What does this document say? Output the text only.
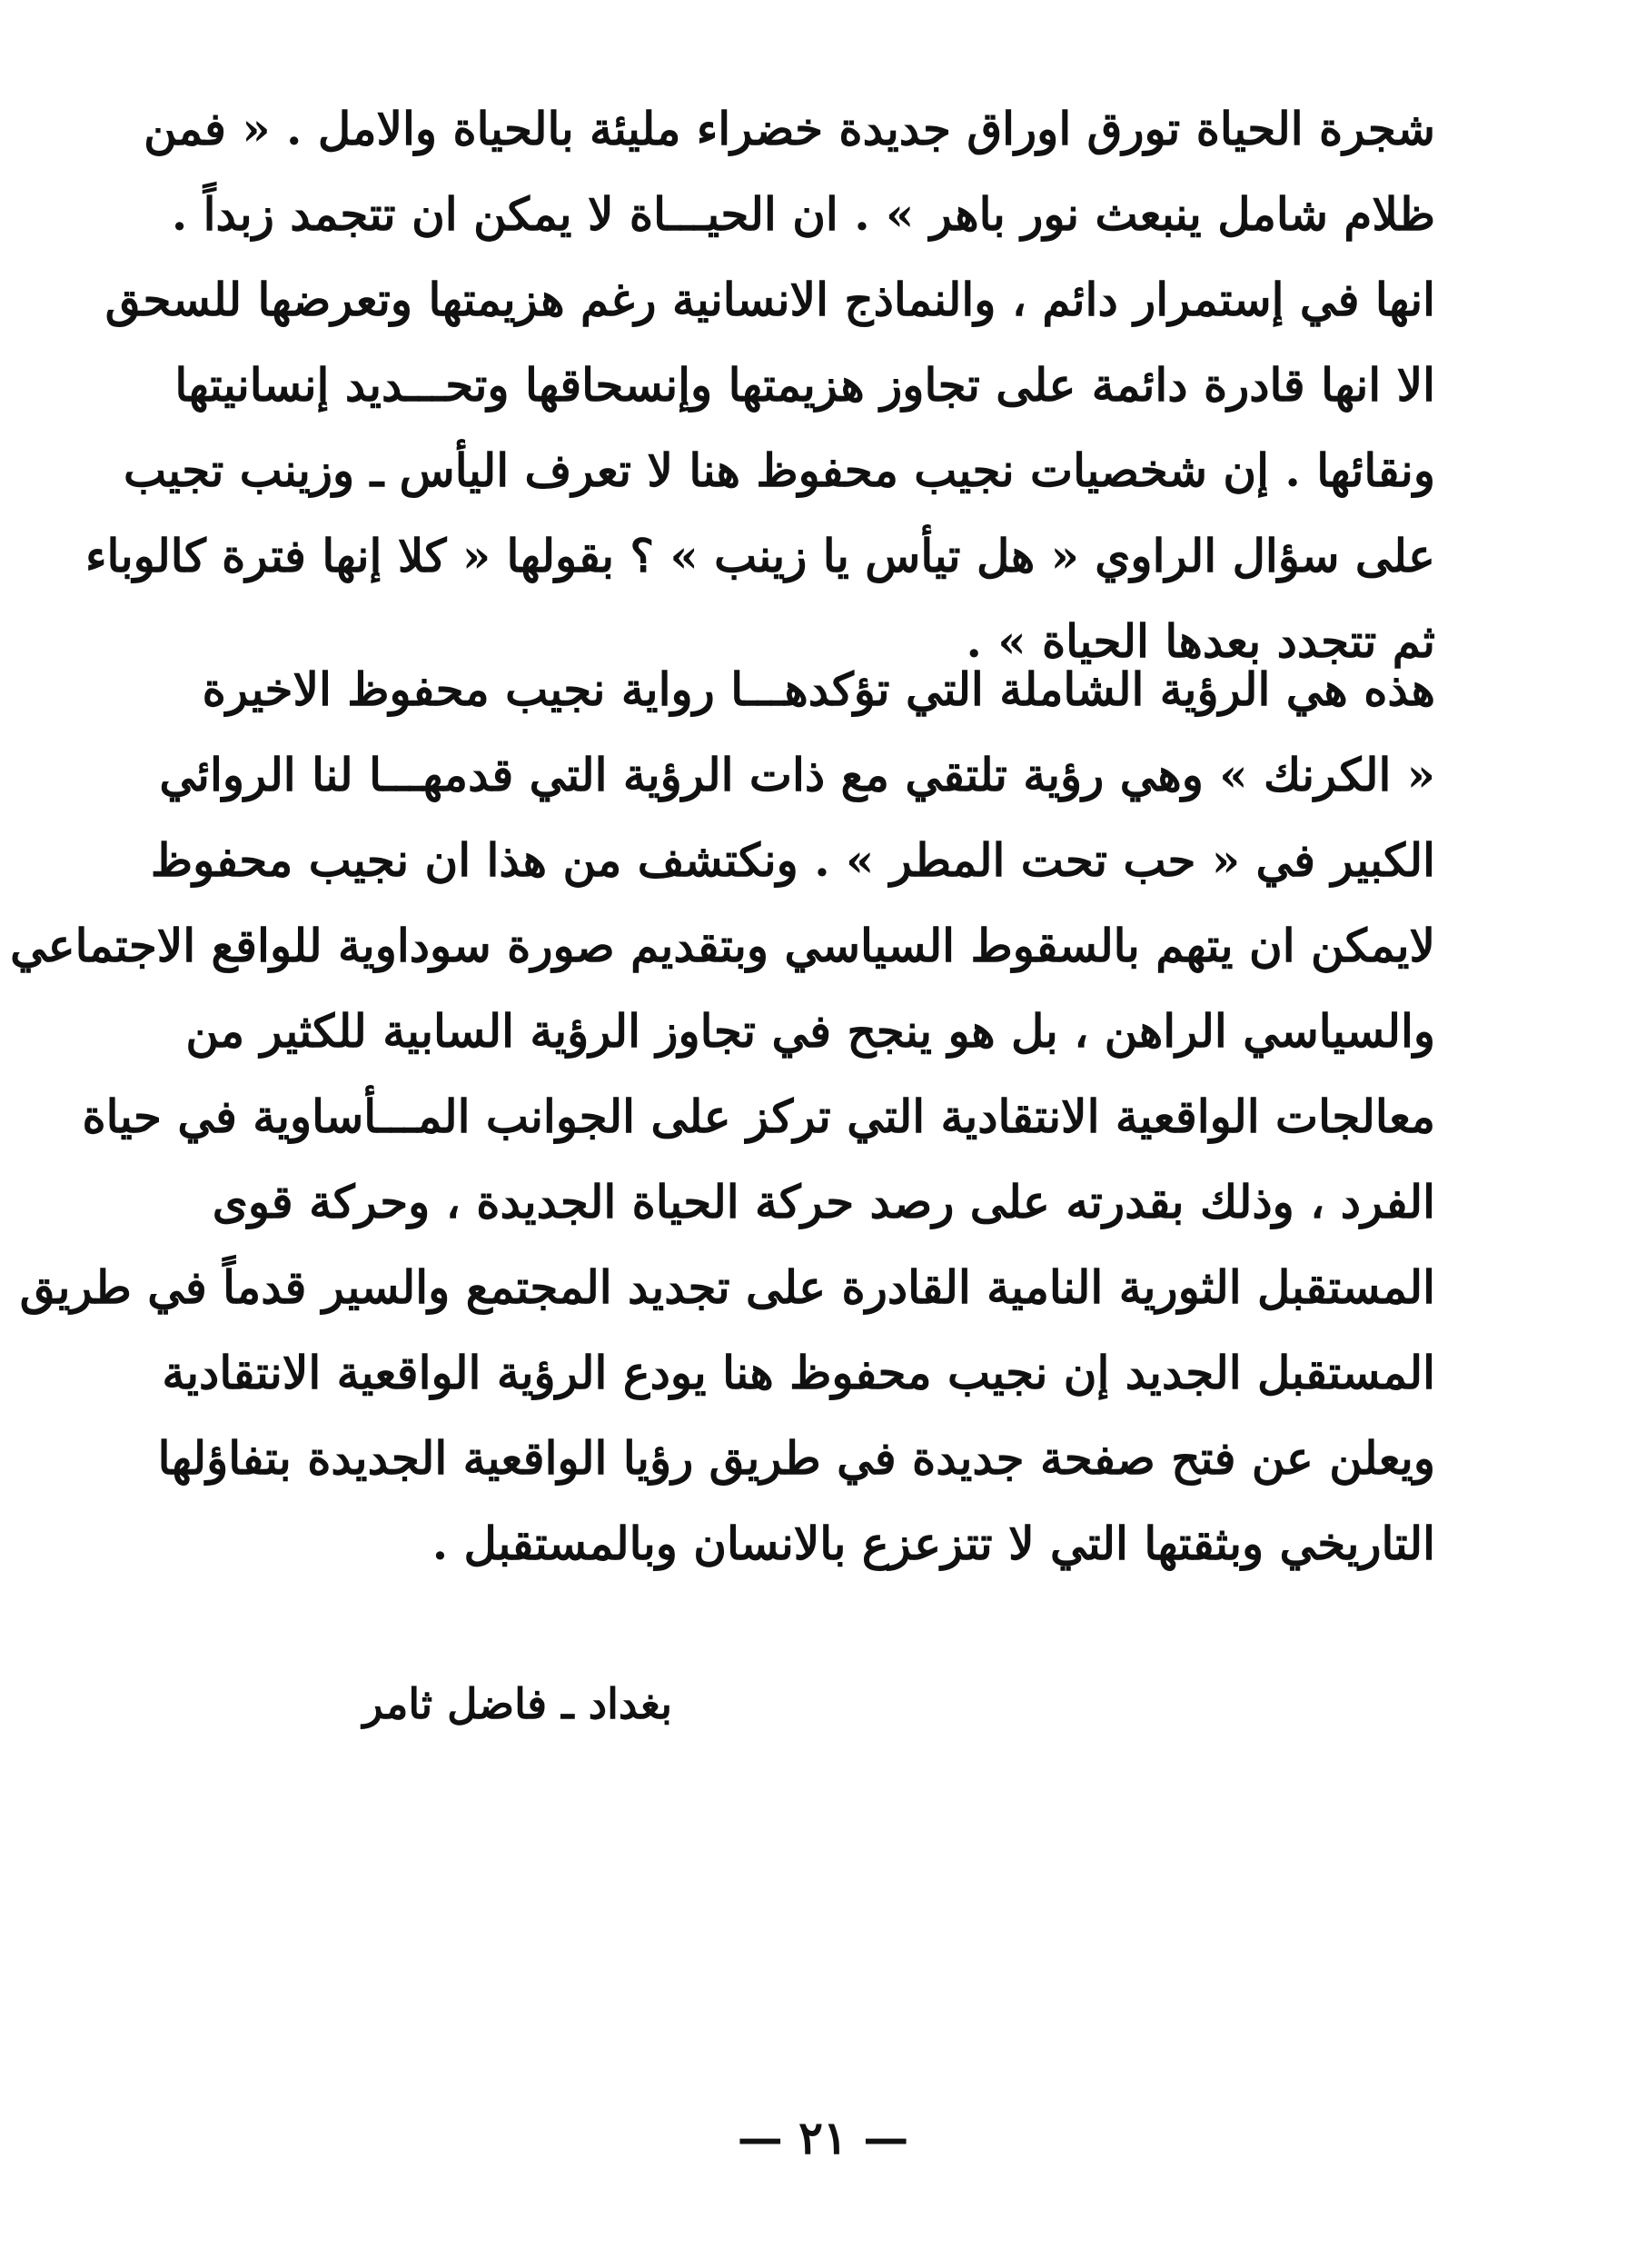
شجرة الحياة تورق اوراق جديدة خضراء مليئة بالحياة والامل . « فمن
ظلام شامل ينبعث نور باهر » . ان الحيـــاة لا يمكن ان تتجمد زبداً .
انها في إستمرار دائم ، والنماذج الانسانية رغم هزيمتها وتعرضها للسحق
الا انها قادرة دائمة على تجاوز هزيمتها وإنسحاقها وتحـــديد إنسانيتها
ونقائها . إن شخصيات نجيب محفوظ هنا لا تعرف اليأس ـ وزينب تجيب
على سؤال الراوي « هل تيأس يا زينب » ؟ بقولها « كلا إنها فترة كالوباء
ثم تتجدد بعدها الحياة » .
هذه هي الرؤية الشاملة التي تؤكدهـــا رواية نجيب محفوظ الاخيرة
« الكرنك » وهي رؤية تلتقي مع ذات الرؤية التي قدمهـــا لنا الروائي
الكبير في « حب تحت المطر » . ونكتشف من هذا ان نجيب محفوظ
لايمكن ان يتهم بالسقوط السياسي وبتقديم صورة سوداوية للواقع الاجتماعي
والسياسي الراهن ، بل هو ينجح في تجاوز الرؤية السابية للكثير من
معالجات الواقعية الانتقادية التي تركز على الجوانب المـــأساوية في حياة
الفرد ، وذلك بقدرته على رصد حركة الحياة الجديدة ، وحركة قوى
المستقبل الثورية النامية القادرة على تجديد المجتمع والسير قدماً في طريق
المستقبل الجديد إن نجيب محفوظ هنا يودع الرؤية الواقعية الانتقادية
ويعلن عن فتح صفحة جديدة في طريق رؤيا الواقعية الجديدة بتفاؤلها
التاريخي وبثقتها التي لا تتزعزع بالانسان وبالمستقبل .

بغداد ـ فاضل ثامر

— ٢١ —
